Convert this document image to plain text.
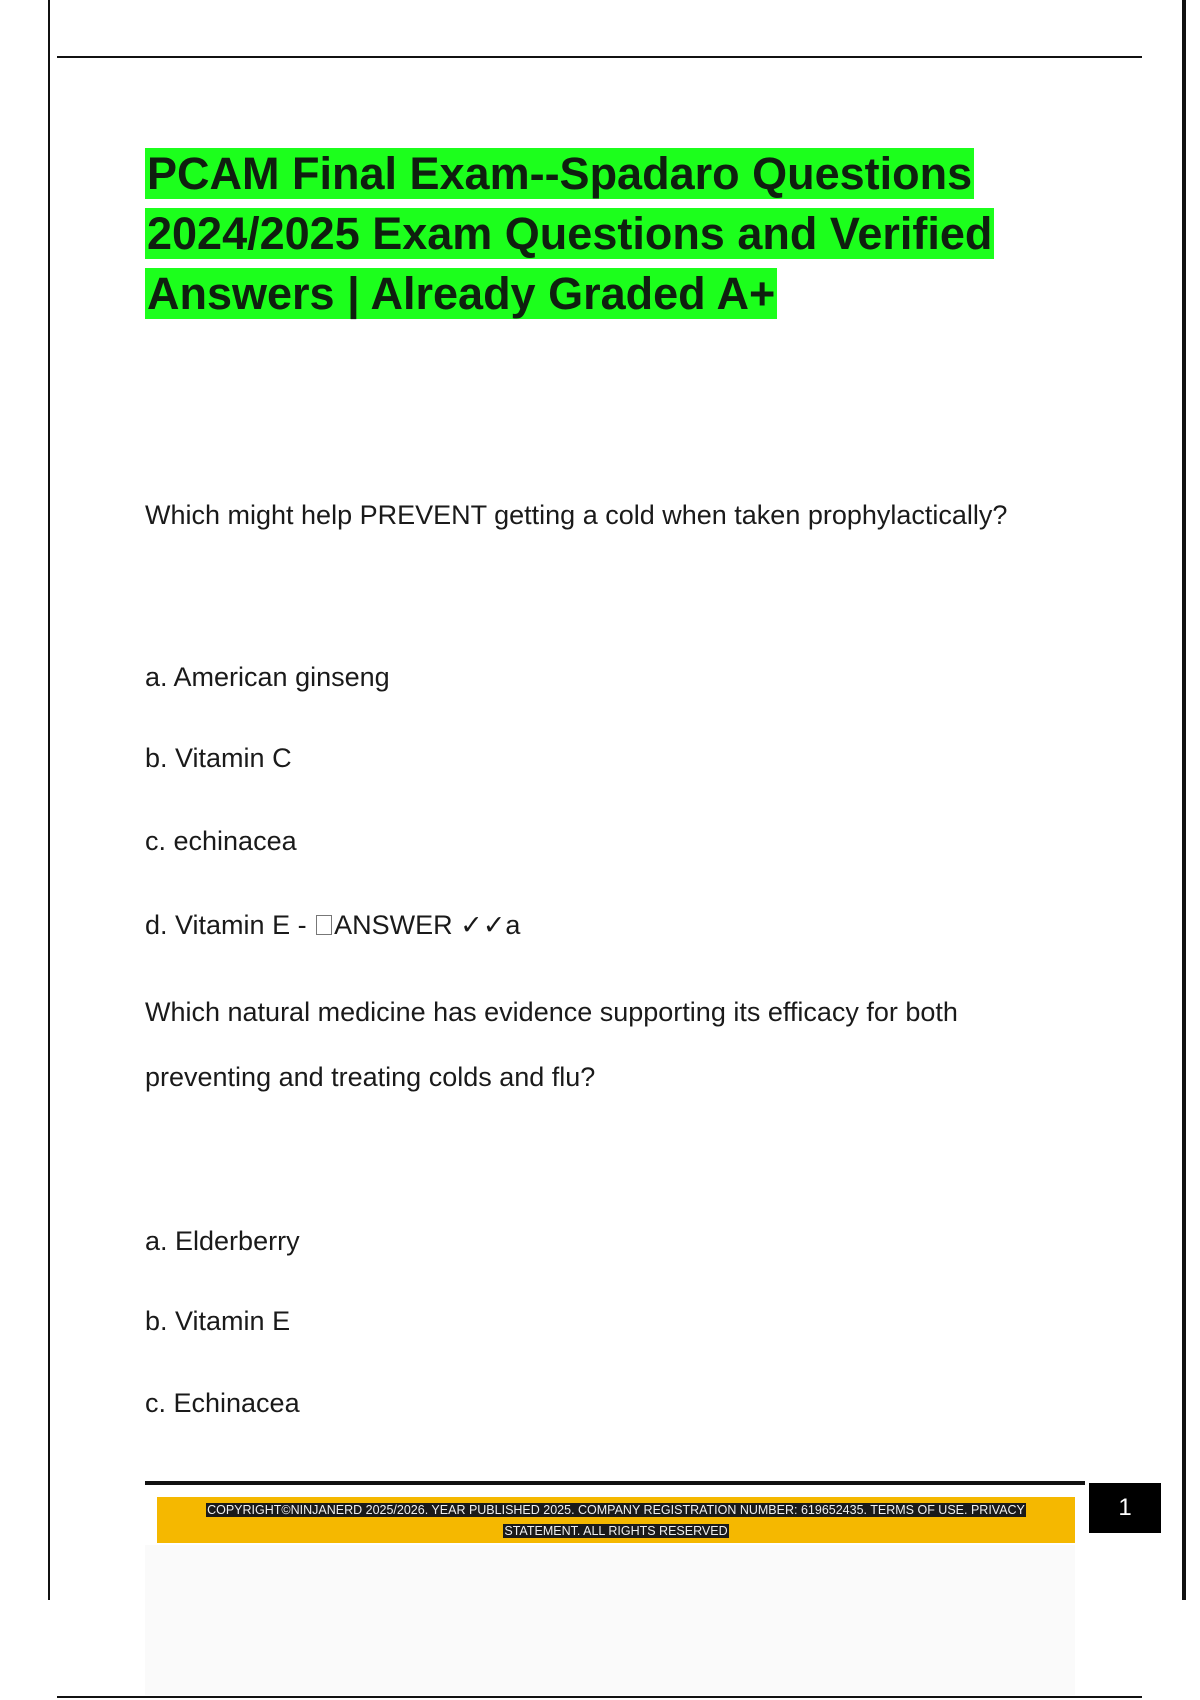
PCAM Final Exam--Spadaro Questions
2024/2025 Exam Questions and Verified
Answers | Already Graded A+
Which might help PREVENT getting a cold when taken prophylactically?
a. American ginseng
b. Vitamin C
c. echinacea
d. Vitamin E - ANSWER ✓✓a
Which natural medicine has evidence supporting its efficacy for both
preventing and treating colds and flu?
a. Elderberry
b. Vitamin E
c. Echinacea

COPYRIGHT©NINJANERD 2025/2026. YEAR PUBLISHED 2025. COMPANY REGISTRATION NUMBER: 619652435. TERMS OF USE. PRIVACY STATEMENT. ALL RIGHTS RESERVED

1
